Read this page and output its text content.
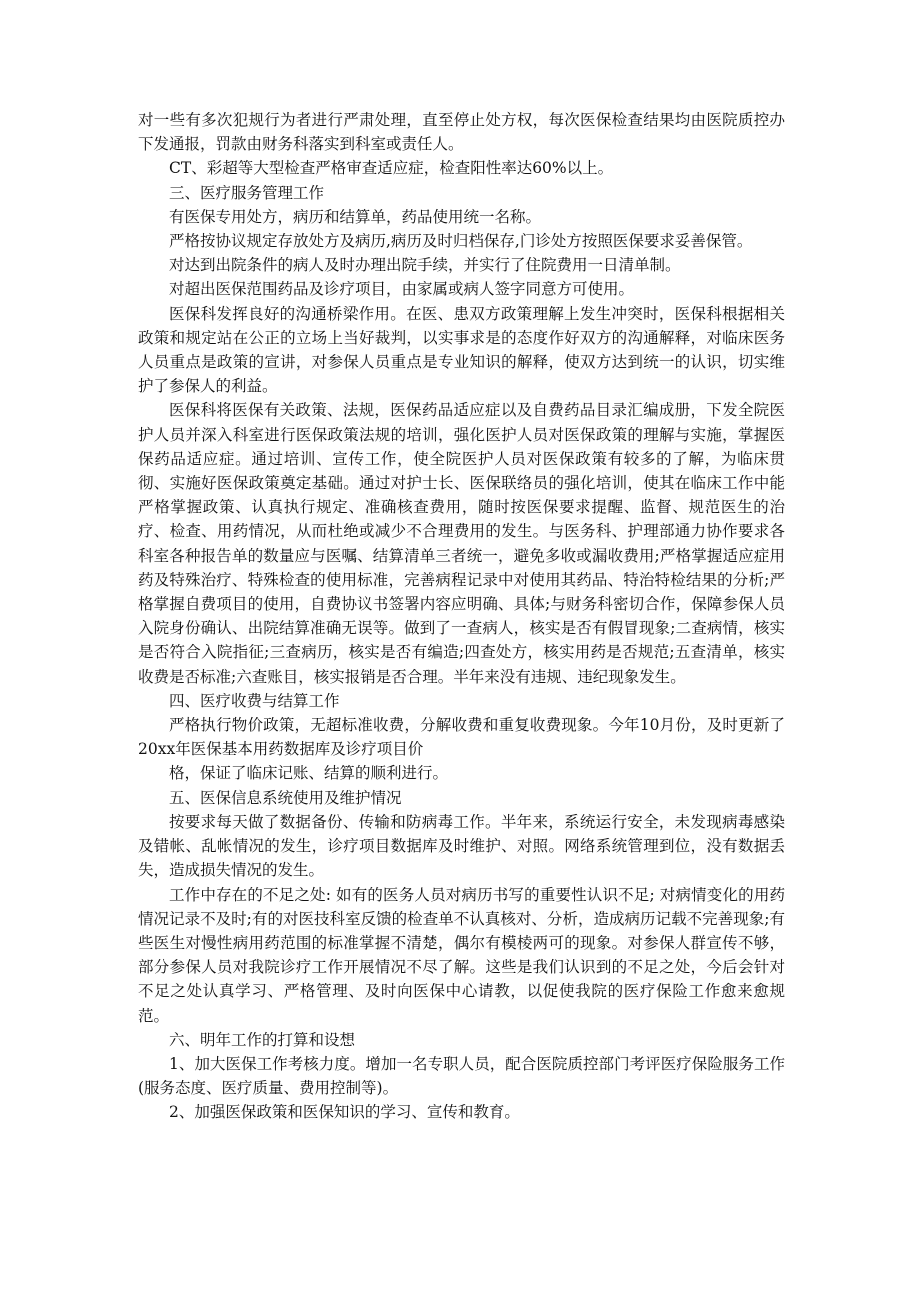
对一些有多次犯规行为者进行严肃处理，直至停止处方权，每次医保检查结果均由医院质控办下发通报，罚款由财务科落实到科室或责任人。

CT、彩超等大型检查严格审查适应症，检查阳性率达60%以上。

三、医疗服务管理工作

有医保专用处方，病历和结算单，药品使用统一名称。

严格按协议规定存放处方及病历,病历及时归档保存,门诊处方按照医保要求妥善保管。

对达到出院条件的病人及时办理出院手续，并实行了住院费用一日清单制。

对超出医保范围药品及诊疗项目，由家属或病人签字同意方可使用。

医保科发挥良好的沟通桥梁作用。在医、患双方政策理解上发生冲突时，医保科根据相关政策和规定站在公正的立场上当好裁判，以实事求是的态度作好双方的沟通解释，对临床医务人员重点是政策的宣讲，对参保人员重点是专业知识的解释，使双方达到统一的认识，切实维护了参保人的利益。

医保科将医保有关政策、法规，医保药品适应症以及自费药品目录汇编成册，下发全院医护人员并深入科室进行医保政策法规的培训，强化医护人员对医保政策的理解与实施，掌握医保药品适应症。通过培训、宣传工作，使全院医护人员对医保政策有较多的了解，为临床贯彻、实施好医保政策奠定基础。通过对护士长、医保联络员的强化培训，使其在临床工作中能严格掌握政策、认真执行规定、准确核查费用，随时按医保要求提醒、监督、规范医生的治疗、检查、用药情况，从而杜绝或减少不合理费用的发生。与医务科、护理部通力协作要求各科室各种报告单的数量应与医嘱、结算清单三者统一，避免多收或漏收费用;严格掌握适应症用药及特殊治疗、特殊检查的使用标准，完善病程记录中对使用其药品、特治特检结果的分析;严格掌握自费项目的使用，自费协议书签署内容应明确、具体;与财务科密切合作，保障参保人员入院身份确认、出院结算准确无误等。做到了一查病人，核实是否有假冒现象;二查病情，核实是否符合入院指征;三查病历，核实是否有编造;四查处方，核实用药是否规范;五查清单，核实收费是否标准;六查账目，核实报销是否合理。半年来没有违规、违纪现象发生。

四、医疗收费与结算工作

严格执行物价政策，无超标准收费，分解收费和重复收费现象。今年10月份，及时更新了20xx年医保基本用药数据库及诊疗项目价

格，保证了临床记账、结算的顺利进行。

五、医保信息系统使用及维护情况

按要求每天做了数据备份、传输和防病毒工作。半年来，系统运行安全，未发现病毒感染及错帐、乱帐情况的发生，诊疗项目数据库及时维护、对照。网络系统管理到位，没有数据丢失，造成损失情况的发生。

工作中存在的不足之处: 如有的医务人员对病历书写的重要性认识不足; 对病情变化的用药情况记录不及时;有的对医技科室反馈的检查单不认真核对、分析，造成病历记载不完善现象;有些医生对慢性病用药范围的标准掌握不清楚，偶尔有模棱两可的现象。对参保人群宣传不够，部分参保人员对我院诊疗工作开展情况不尽了解。这些是我们认识到的不足之处，今后会针对不足之处认真学习、严格管理、及时向医保中心请教，以促使我院的医疗保险工作愈来愈规范。

六、明年工作的打算和设想

1、加大医保工作考核力度。增加一名专职人员，配合医院质控部门考评医疗保险服务工作(服务态度、医疗质量、费用控制等)。

2、加强医保政策和医保知识的学习、宣传和教育。
